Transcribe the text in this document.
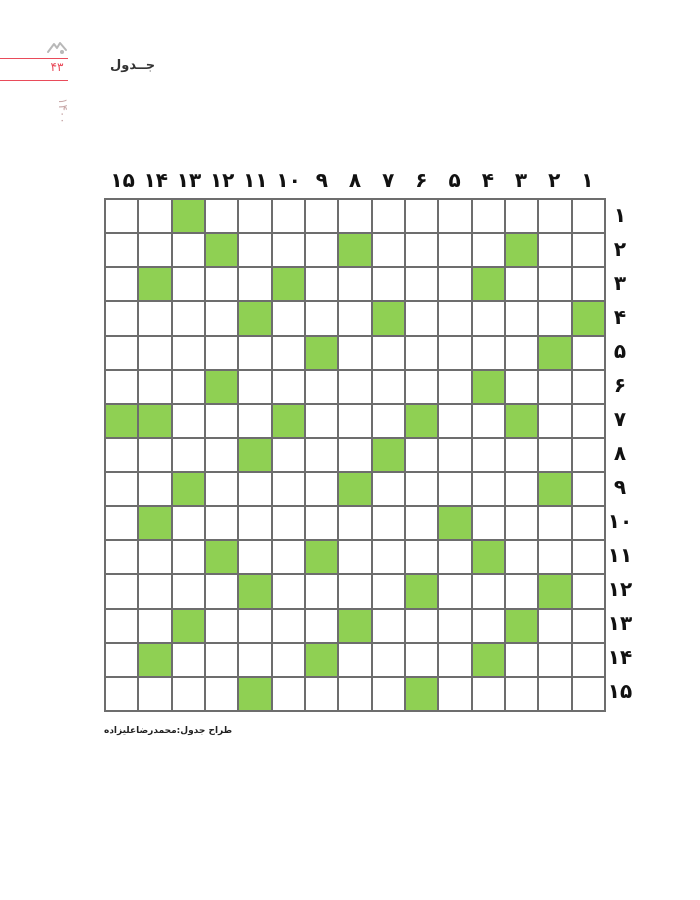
۴۳
۱۴۰۰
جــدول
۱
۲
۳
۴
۵
۶
۷
۸
۹
۱۰
۱۱
۱۲
۱۳
۱۴
۱۵
۱
۲
۳
۴
۵
۶
۷
۸
۹
۱۰
۱۱
۱۲
۱۳
۱۴
۱۵
طراح جدول:محمدرضاعلیزاده
